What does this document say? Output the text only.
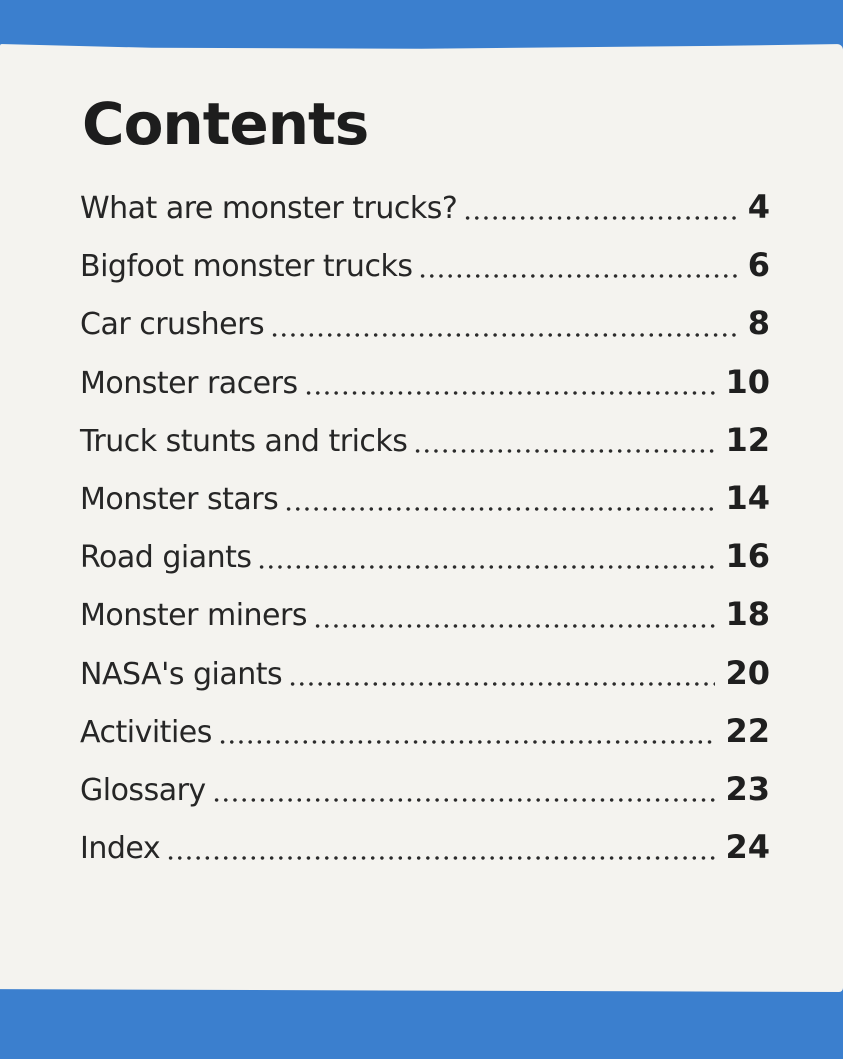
Contents
What are monster trucks?	4
Bigfoot monster trucks	6
Car crushers	8
Monster racers	10
Truck stunts and tricks	12
Monster stars	14
Road giants	16
Monster miners	18
NASA's giants	20
Activities	22
Glossary	23
Index	24
